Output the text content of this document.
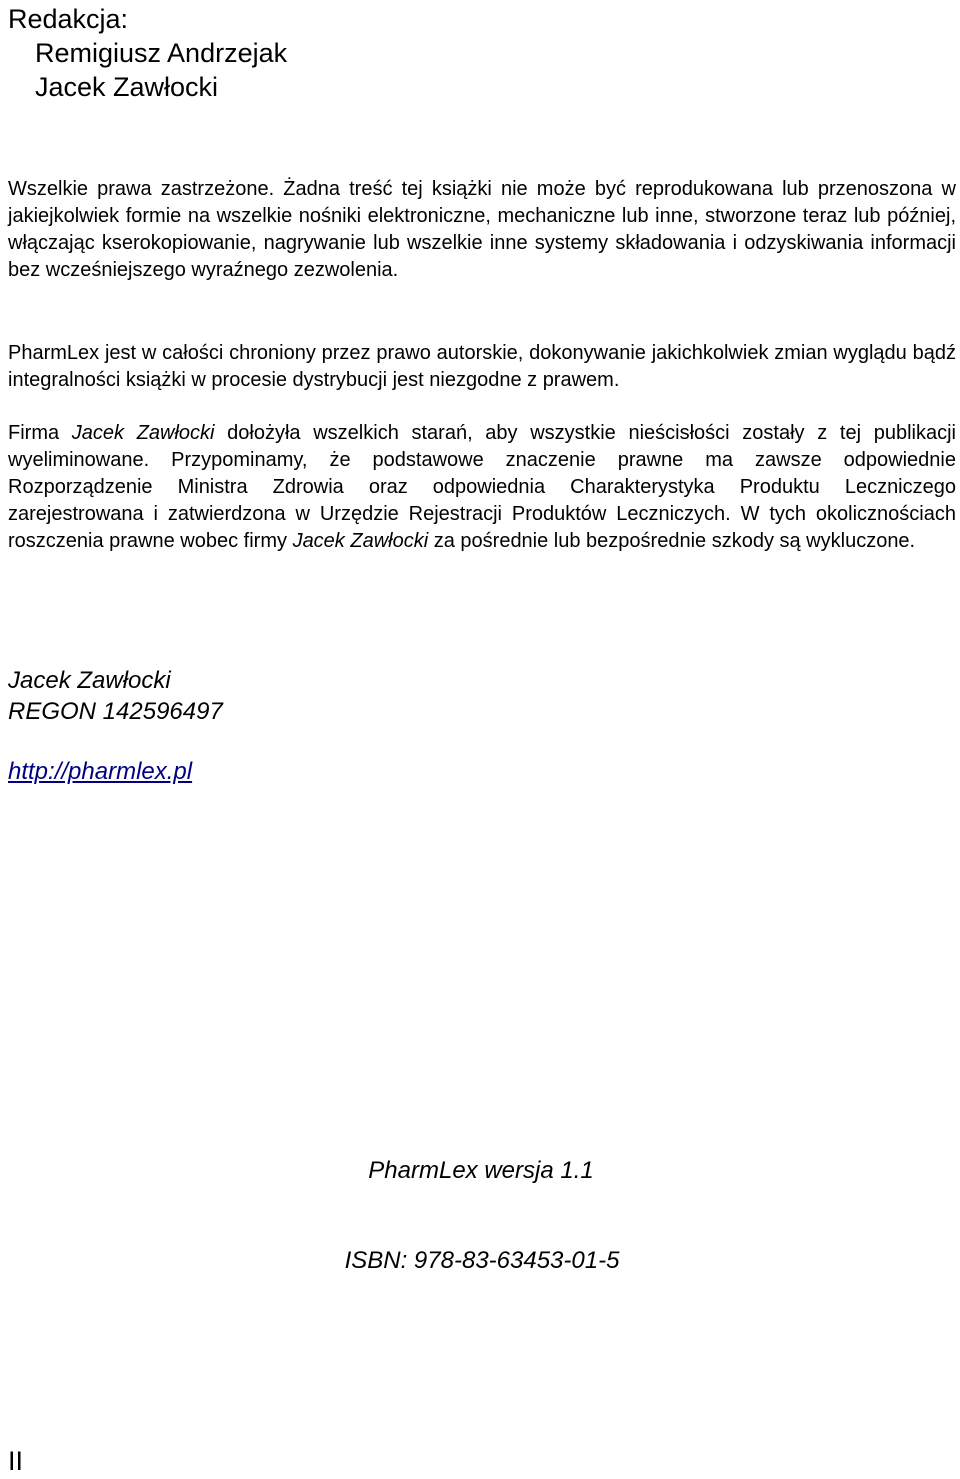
Redakcja:
Remigiusz Andrzejak
Jacek Zawłocki

Wszelkie prawa zastrzeżone. Żadna treść tej książki nie może być reprodukowana lub przenoszona w jakiejkolwiek formie na wszelkie nośniki elektroniczne, mechaniczne lub inne, stworzone teraz lub później, włączając kserokopiowanie, nagrywanie lub wszelkie inne systemy składowania i odzyskiwania informacji bez wcześniejszego wyraźnego zezwolenia.

PharmLex jest w całości chroniony przez prawo autorskie, dokonywanie jakichkolwiek zmian wyglądu bądź integralności książki w procesie dystrybucji jest niezgodne z prawem.

Firma Jacek Zawłocki dołożyła wszelkich starań, aby wszystkie nieścisłości zostały z tej publikacji wyeliminowane. Przypominamy, że podstawowe znaczenie prawne ma zawsze odpowiednie Rozporządzenie Ministra Zdrowia oraz odpowiednia Charakterystyka Produktu Leczniczego zarejestrowana i zatwierdzona w Urzędzie Rejestracji Produktów Leczniczych. W tych okolicznościach roszczenia prawne wobec firmy Jacek Zawłocki za pośrednie lub bezpośrednie szkody są wykluczone.

Jacek Zawłocki
REGON 142596497
http://pharmlex.pl
PharmLex wersja 1.1
ISBN: 978-83-63453-01-5
II
